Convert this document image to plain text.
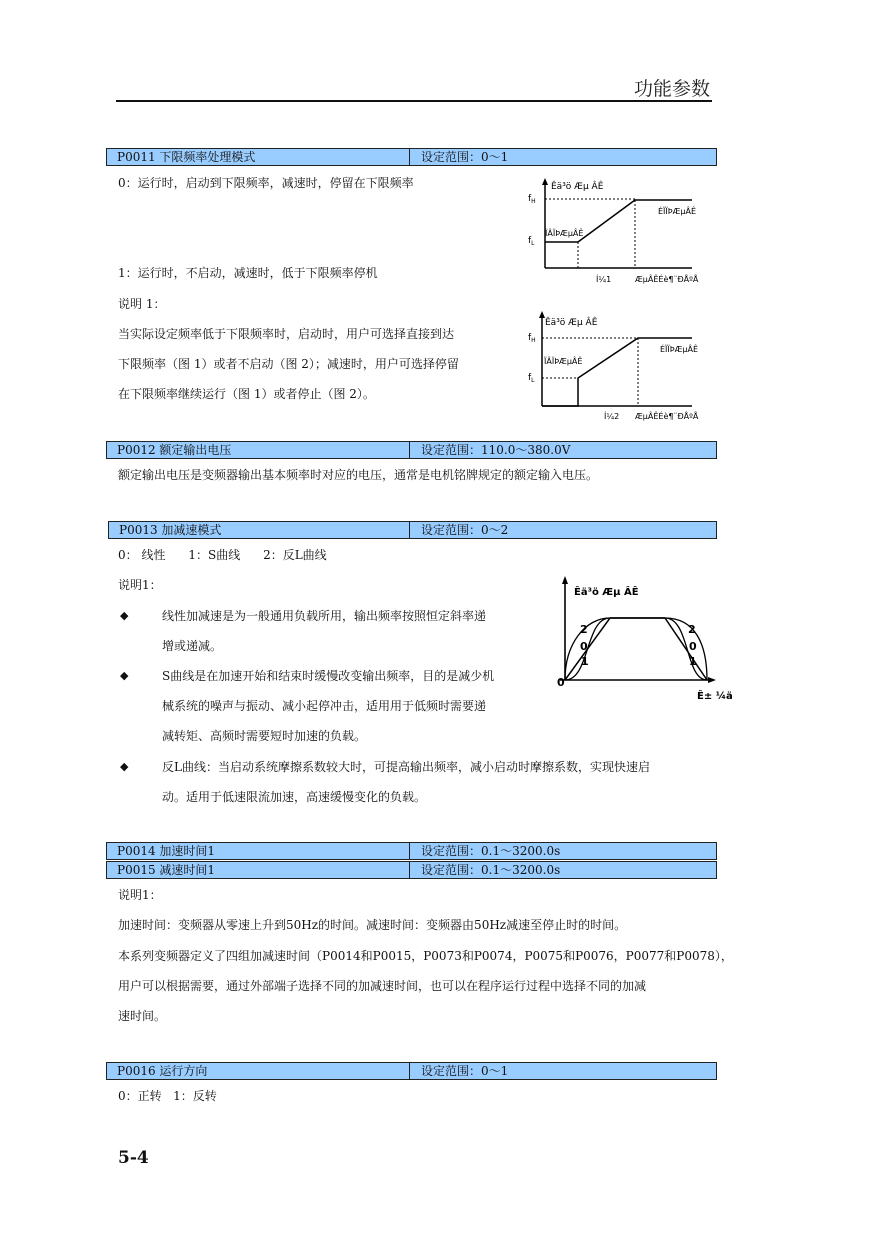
功能参数
P0011 下限频率处理模式	设定范围：0～1
0：运行时，启动到下限频率，减速时，停留在下限频率
1：运行时，不启动，减速时，低于下限频率停机
说明 1：
当实际设定频率低于下限频率时，启动时，用户可选择直接到达
下限频率（图 1）或者不启动（图 2）；减速时，用户可选择停留
在下限频率继续运行（图 1）或者停止（图 2）。
Êä³ö Æµ ÂÊ
$f_H$
$f_L$
ÉÏÏÞÆµÂÊ
ÏÂÏÞÆµÂÊ
Í¼1	ÆµÂÊÉè¶¨ÐÅºÅ
Êä³ö Æµ ÂÊ
$f_H$
$f_L$
ÉÏÏÞÆµÂÊ
ÏÂÏÞÆµÂÊ
Í¼2 ÆµÂÊÉè¶¨ÐÅºÅ
P0012 额定输出电压	设定范围：110.0～380.0V
额定输出电压是变频器输出基本频率时对应的电压，通常是电机铭牌规定的额定输入电压。
P0013 加减速模式	设定范围：0～2
0： 线性      1：S曲线      2：反L曲线
说明1：
◆	线性加减速是为一般通用负载所用，输出频率按照恒定斜率递
增或递减。
◆	S曲线是在加速开始和结束时缓慢改变输出频率，目的是减少机
械系统的噪声与振动、减小起停冲击，适用用于低频时需要递
减转矩、高频时需要短时加速的负载。
◆	反L曲线：当启动系统摩擦系数较大时，可提高输出频率，减小启动时摩擦系数，实现快速启
动。适用于低速限流加速，高速缓慢变化的负载。
Êä³ö Æµ ÂÊ
2
0
1
2
0
1
0
Ê± ¼ä
P0014 加速时间1	设定范围：0.1～3200.0s
P0015 减速时间1	设定范围：0.1～3200.0s
说明1：
加速时间：变频器从零速上升到50Hz的时间。减速时间：变频器由50Hz减速至停止时的时间。
本系列变频器定义了四组加减速时间（P0014和P0015，P0073和P0074，P0075和P0076，P0077和P0078），
用户可以根据需要，通过外部端子选择不同的加减速时间，也可以在程序运行过程中选择不同的加减
速时间。
P0016 运行方向	设定范围：0～1
0：正转   1：反转
5-4
